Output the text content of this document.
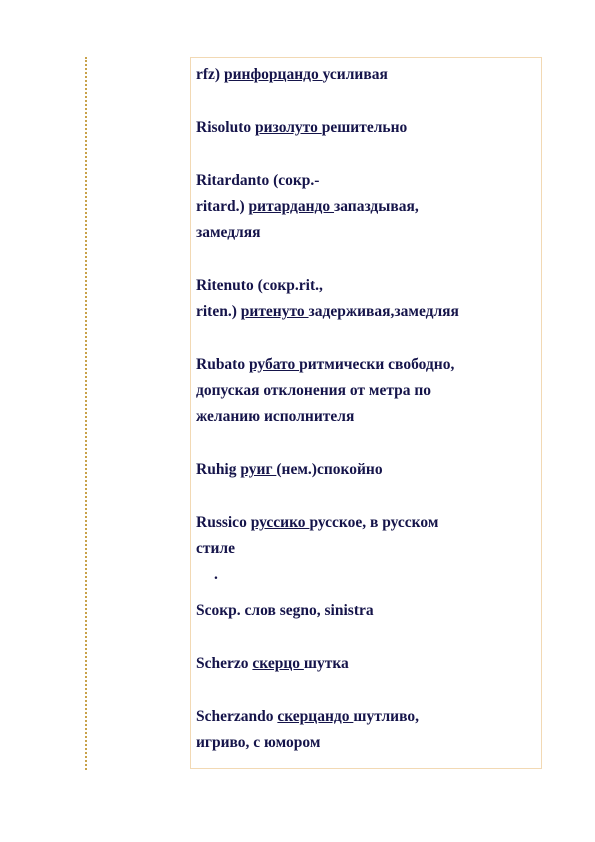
rfz) ринфорцандо усиливая
Risoluto ризолуто решительно
Ritardanto (сокр.-
ritard.) ритардандо запаздывая,
замедляя
Ritenuto (сокр.rit.,
riten.) ритенуто задерживая,замедляя
Rubato рубато ритмически свободно,
допуская отклонения от метра по
желанию исполнителя
Ruhig руиг (нем.)спокойно
Russico руссико русское, в русском
стиле
.
Sсокр. слов segno, sinistra
Scherzo скерцо шутка
Scherzando скерцандо шутливо,
игриво, с юмором
